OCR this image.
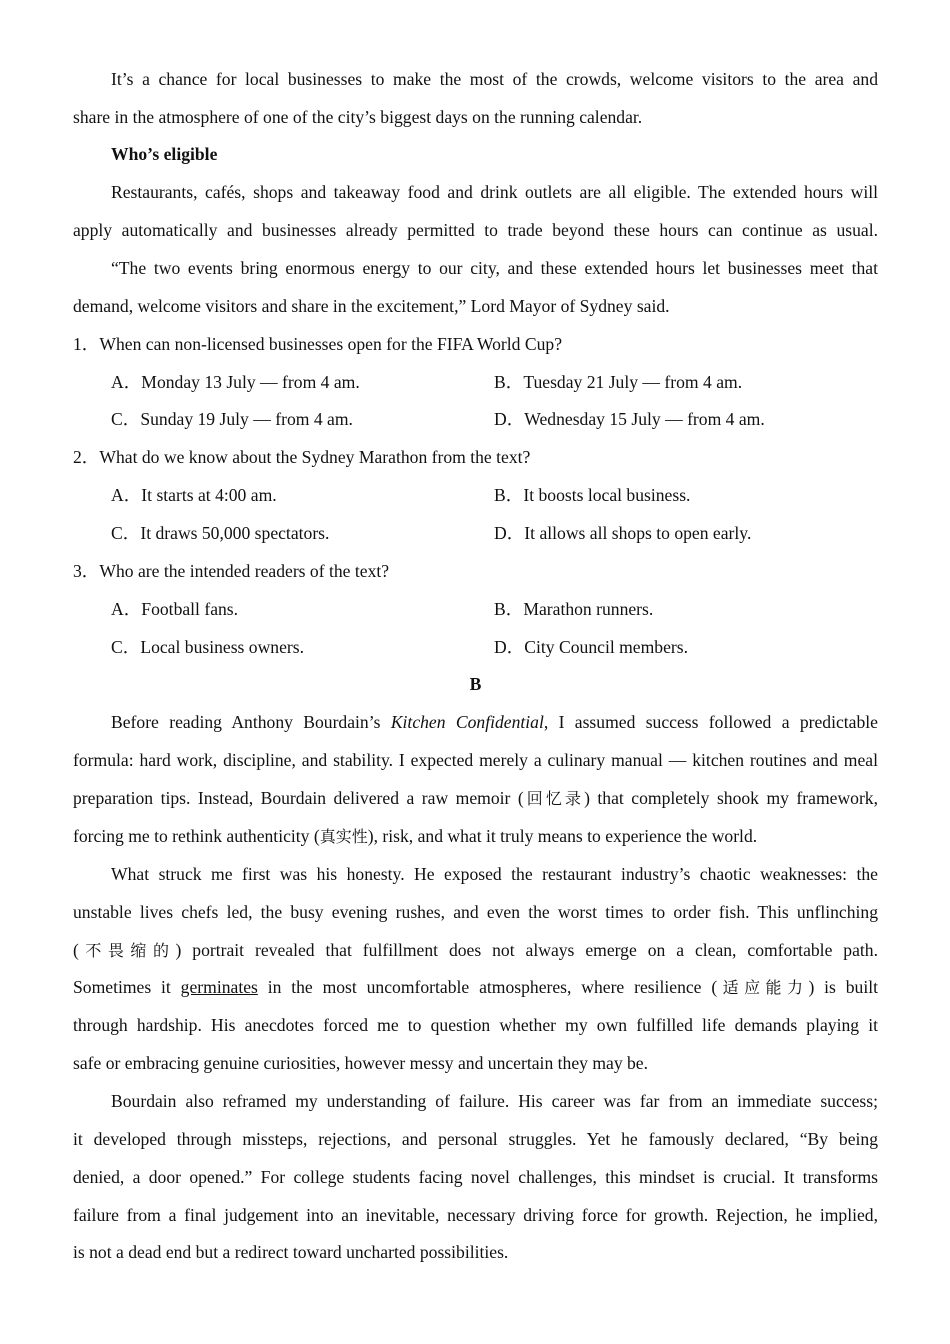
It’s a chance for local businesses to make the most of the crowds, welcome visitors to the area and
share in the atmosphere of one of the city’s biggest days on the running calendar.
Who’s eligible
Restaurants, cafés, shops and takeaway food and drink outlets are all eligible. The extended hours will
apply automatically and businesses already permitted to trade beyond these hours can continue as usual.
“The two events bring enormous energy to our city, and these extended hours let businesses meet that
demand, welcome visitors and share in the excitement,” Lord Mayor of Sydney said.
1．When can non-licensed businesses open for the FIFA World Cup?
A．Monday 13 July — from 4 am.	B．Tuesday 21 July — from 4 am.
C．Sunday 19 July — from 4 am.	D．Wednesday 15 July — from 4 am.
2．What do we know about the Sydney Marathon from the text?
A．It starts at 4:00 am.	B．It boosts local business.
C．It draws 50,000 spectators.	D．It allows all shops to open early.
3．Who are the intended readers of the text?
A．Football fans.	B．Marathon runners.
C．Local business owners.	D．City Council members.
B
Before reading Anthony Bourdain’s Kitchen Confidential, I assumed success followed a predictable
formula: hard work, discipline, and stability. I expected merely a culinary manual — kitchen routines and meal
preparation tips. Instead, Bourdain delivered a raw memoir (回忆录) that completely shook my framework,
forcing me to rethink authenticity (真实性), risk, and what it truly means to experience the world.
What struck me first was his honesty. He exposed the restaurant industry’s chaotic weaknesses: the
unstable lives chefs led, the busy evening rushes, and even the worst times to order fish. This unflinching
(不畏缩的) portrait revealed that fulfillment does not always emerge on a clean, comfortable path.
Sometimes it germinates in the most uncomfortable atmospheres, where resilience (适应能力) is built
through hardship. His anecdotes forced me to question whether my own fulfilled life demands playing it
safe or embracing genuine curiosities, however messy and uncertain they may be.
Bourdain also reframed my understanding of failure. His career was far from an immediate success;
it developed through missteps, rejections, and personal struggles. Yet he famously declared, “By being
denied, a door opened.” For college students facing novel challenges, this mindset is crucial. It transforms
failure from a final judgement into an inevitable, necessary driving force for growth. Rejection, he implied,
is not a dead end but a redirect toward uncharted possibilities.
